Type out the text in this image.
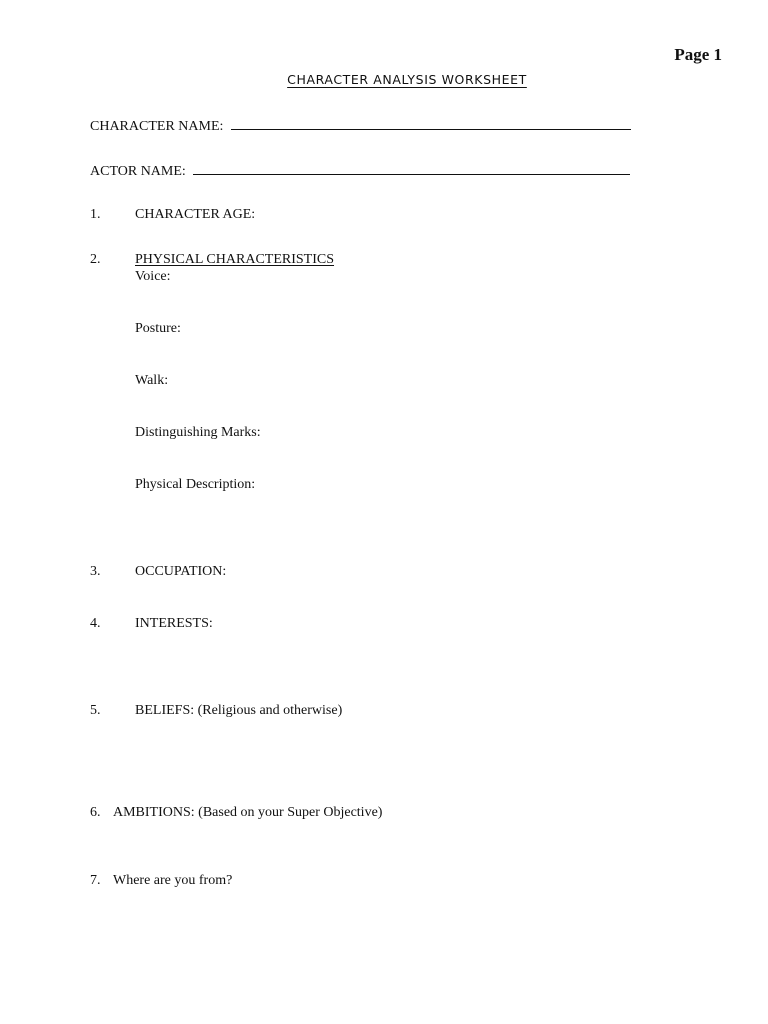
Page 1
CHARACTER ANALYSIS WORKSHEET
CHARACTER NAME:
ACTOR NAME:
1. CHARACTER AGE:
2. PHYSICAL CHARACTERISTICS
Voice:
Posture:
Walk:
Distinguishing Marks:
Physical Description:
3. OCCUPATION:
4. INTERESTS:
5. BELIEFS: (Religious and otherwise)
6. AMBITIONS: (Based on your Super Objective)
7. Where are you from?
